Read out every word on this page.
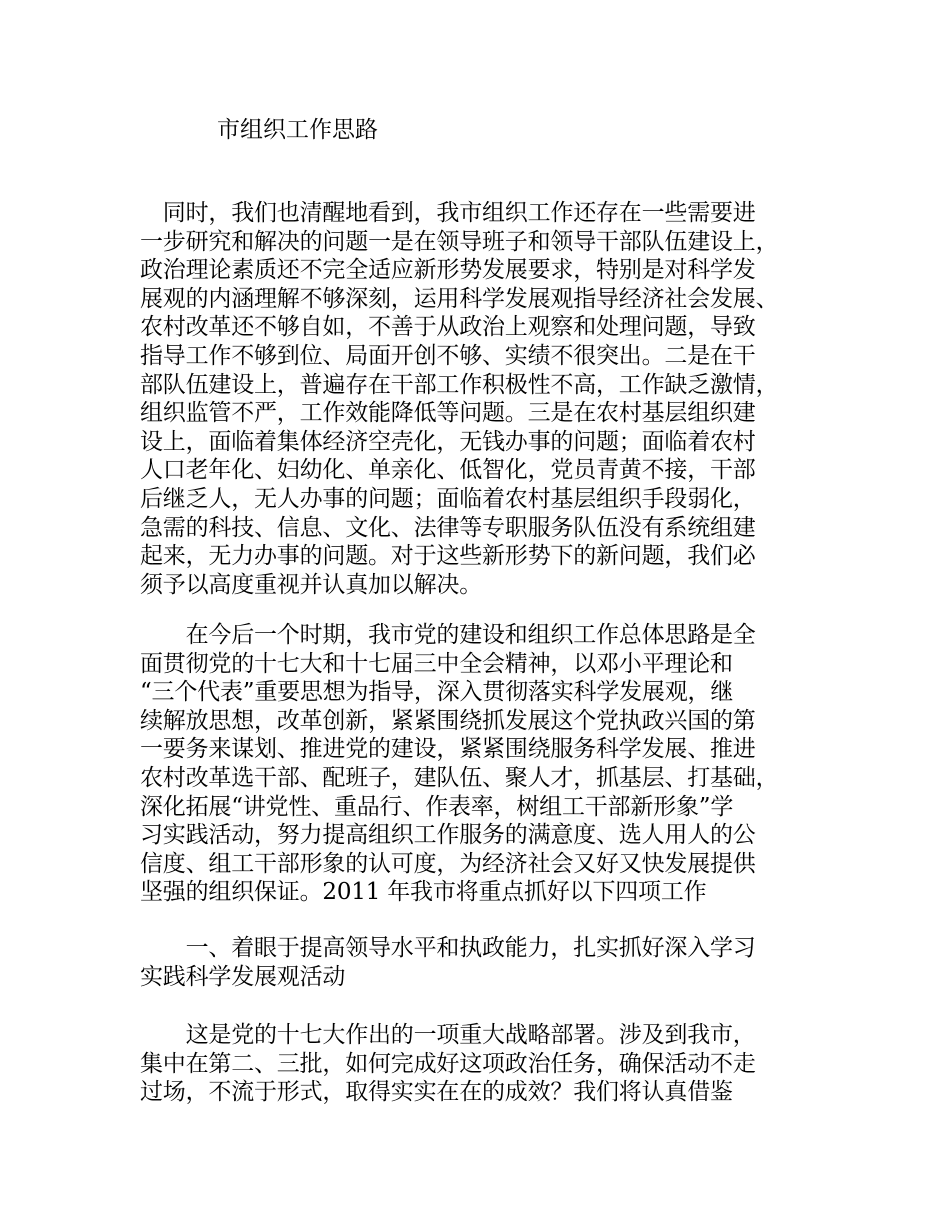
市组织工作思路
　同时，我们也清醒地看到，我市组织工作还存在一些需要进
一步研究和解决的问题一是在领导班子和领导干部队伍建设上，
政治理论素质还不完全适应新形势发展要求，特别是对科学发
展观的内涵理解不够深刻，运用科学发展观指导经济社会发展、
农村改革还不够自如，不善于从政治上观察和处理问题，导致
指导工作不够到位、局面开创不够、实绩不很突出。二是在干
部队伍建设上，普遍存在干部工作积极性不高，工作缺乏激情，
组织监管不严，工作效能降低等问题。三是在农村基层组织建
设上，面临着集体经济空壳化，无钱办事的问题；面临着农村
人口老年化、妇幼化、单亲化、低智化，党员青黄不接，干部
后继乏人，无人办事的问题；面临着农村基层组织手段弱化，
急需的科技、信息、文化、法律等专职服务队伍没有系统组建
起来，无力办事的问题。对于这些新形势下的新问题，我们必
须予以高度重视并认真加以解决。
　　在今后一个时期，我市党的建设和组织工作总体思路是全
面贯彻党的十七大和十七届三中全会精神，以邓小平理论和
“三个代表”重要思想为指导，深入贯彻落实科学发展观，继
续解放思想，改革创新，紧紧围绕抓发展这个党执政兴国的第
一要务来谋划、推进党的建设，紧紧围绕服务科学发展、推进
农村改革选干部、配班子，建队伍、聚人才，抓基层、打基础，
深化拓展“讲党性、重品行、作表率，树组工干部新形象”学
习实践活动，努力提高组织工作服务的满意度、选人用人的公
信度、组工干部形象的认可度，为经济社会又好又快发展提供
坚强的组织保证。2011 年我市将重点抓好以下四项工作
　　一、着眼于提高领导水平和执政能力，扎实抓好深入学习
实践科学发展观活动
　　这是党的十七大作出的一项重大战略部署。涉及到我市，
集中在第二、三批，如何完成好这项政治任务，确保活动不走
过场，不流于形式，取得实实在在的成效？我们将认真借鉴
